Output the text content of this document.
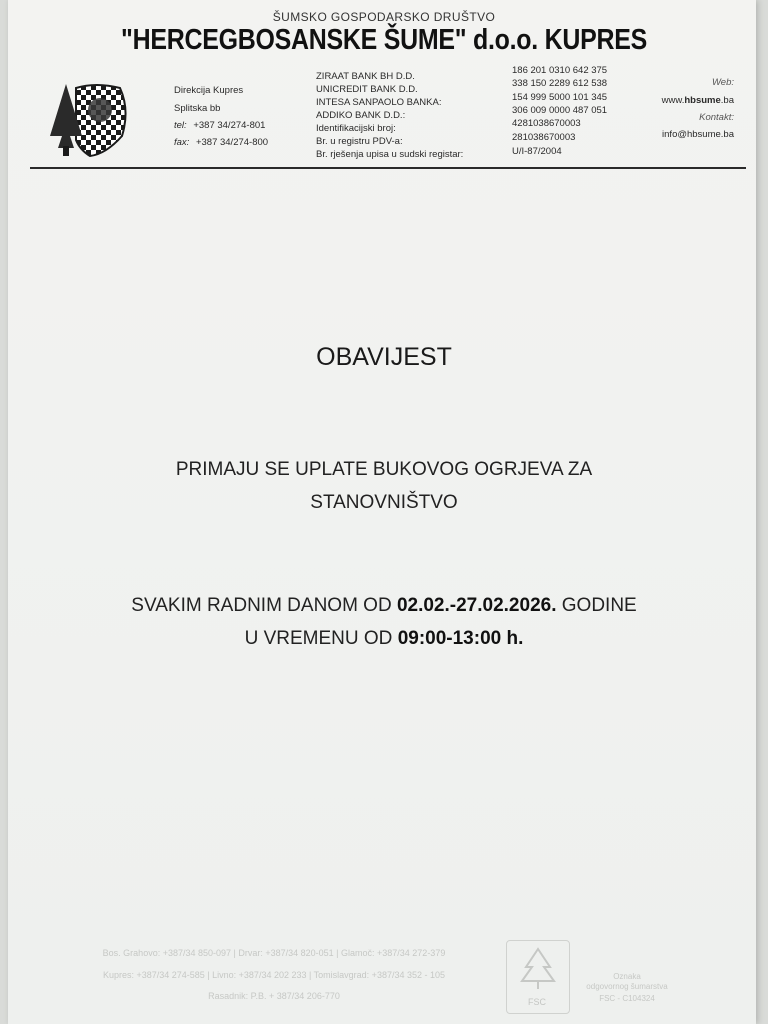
ŠUMSKO GOSPODARSKO DRUŠTVO
"HERCEGBOSANSKE ŠUME" d.o.o. KUPRES
Direkcija Kupres
Splitska bb
tel: +387 34/274-801
fax: +387 34/274-800
ZIRAAT BANK BH D.D.
UNICREDIT BANK D.D.
INTESA SANPAOLO BANKA:
ADDIKO BANK D.D.:
Identifikacijski broj:
Br. u registru PDV-a:
Br. rješenja upisa u sudski registar:
186 201 0310 642 375
338 150 2289 612 538
154 999 5000 101 345
306 009 0000 487 051
4281038670003
281038670003
U/I-87/2004
Web:
www.hbsume.ba
Kontakt:
info@hbsume.ba
OBAVIJEST
PRIMAJU SE UPLATE BUKOVOG OGRJEVA ZA
STANOVNIŠTVO
SVAKIM RADNIM DANOM OD 02.02.-27.02.2026. GODINE
U VREMENU OD 09:00-13:00 h.
Bos. Grahovo: +387/34 850-097 | Drvar: +387/34 820-051 | Glamoč: +387/34 272-379
Kupres: +387/34 274-585 | Livno: +387/34 202 233 | Tomislavgrad: +387/34 352 - 105
Rasadnik: P.B. + 387/34 206-770
FSC
Oznaka
odgovornog šumarstva
FSC - C104324
